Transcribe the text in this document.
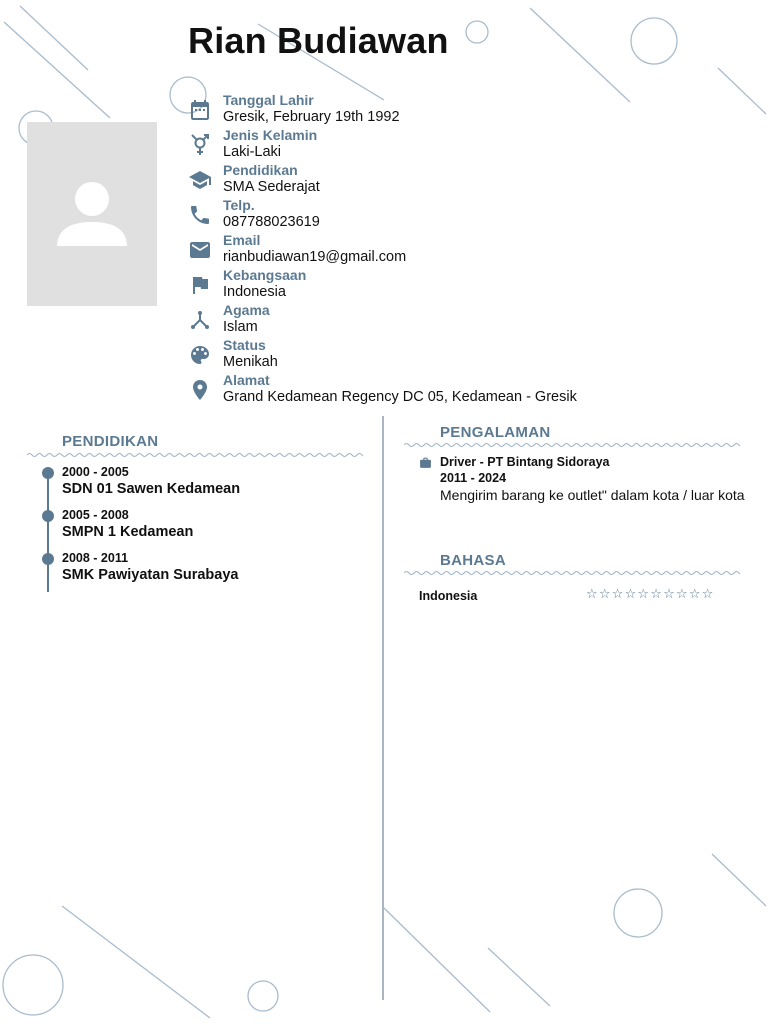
Rian Budiawan
Tanggal Lahir
Gresik, February 19th 1992
Jenis Kelamin
Laki-Laki
Pendidikan
SMA Sederajat
Telp.
087788023619
Email
rianbudiawan19@gmail.com
Kebangsaan
Indonesia
Agama
Islam
Status
Menikah
Alamat
Grand Kedamean Regency DC 05, Kedamean - Gresik
PENDIDIKAN
2000 - 2005
SDN 01 Sawen Kedamean
2005 - 2008
SMPN 1 Kedamean
2008 - 2011
SMK Pawiyatan Surabaya
PENGALAMAN
Driver - PT Bintang Sidoraya
2011 - 2024
Mengirim barang ke outlet" dalam kota / luar kota
BAHASA
Indonesia	☆☆☆☆☆☆☆☆☆☆
